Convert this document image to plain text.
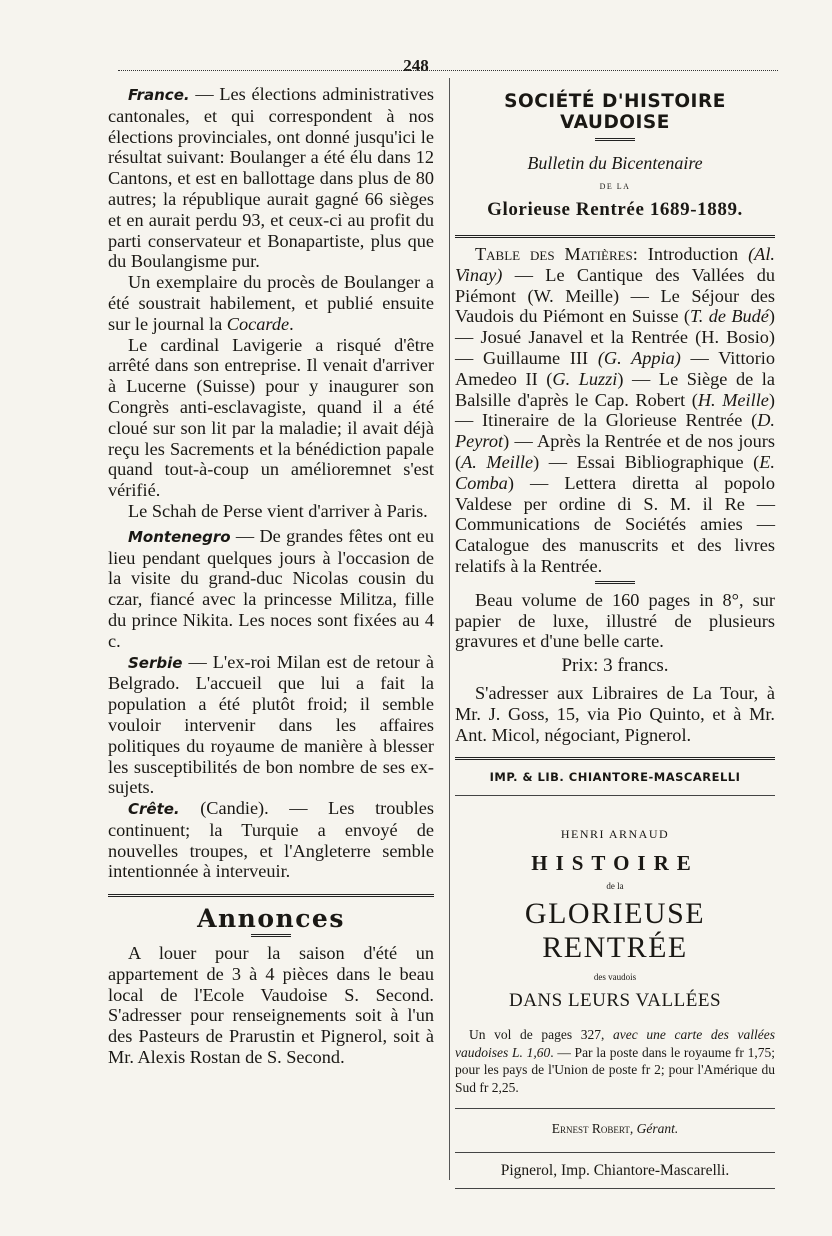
248

France. — Les élections administratives cantonales, et qui correspondent à nos élections provinciales, ont donné jusqu'ici le résultat suivant: Boulanger a été élu dans 12 Cantons, et est en ballottage dans plus de 80 autres; la république aurait gagné 66 sièges et en aurait perdu 93, et ceux-ci au profit du parti conservateur et Bonapartiste, plus que du Boulangisme pur.

Un exemplaire du procès de Boulanger a été soustrait habilement, et publié ensuite sur le journal la Cocarde.

Le cardinal Lavigerie a risqué d'être arrêté dans son entreprise. Il venait d'arriver à Lucerne (Suisse) pour y inaugurer son Congrès anti-esclavagiste, quand il a été cloué sur son lit par la maladie; il avait déjà reçu les Sacrements et la bénédiction papale quand tout-à-coup un amélioremnet s'est vérifié.

Le Schah de Perse vient d'arriver à Paris.

Montenegro — De grandes fêtes ont eu lieu pendant quelques jours à l'occasion de la visite du grand-duc Nicolas cousin du czar, fiancé avec la princesse Militza, fille du prince Nikita. Les noces sont fixées au 4 c.

Serbie — L'ex-roi Milan est de retour à Belgrado. L'accueil que lui a fait la population a été plutôt froid; il semble vouloir intervenir dans les affaires politiques du royaume de manière à blesser les susceptibilités de bon nombre de ses ex-sujets.

Crête. (Candie). — Les troubles continuent; la Turquie a envoyé de nouvelles troupes, et l'Angleterre semble intentionnée à interveuir.

Annonces

A louer pour la saison d'été un appartement de 3 à 4 pièces dans le beau local de l'Ecole Vaudoise S. Second. S'adresser pour renseignements soit à l'un des Pasteurs de Prarustin et Pignerol, soit à Mr. Alexis Rostan de S. Second.

SOCIÉTÉ D'HISTOIRE VAUDOISE
Bulletin du Bicentenaire
DE LA
Glorieuse Rentrée 1689-1889.

Table des Matières: Introduction (Al. Vinay) — Le Cantique des Vallées du Piémont (W. Meille) — Le Séjour des Vaudois du Piémont en Suisse (T. de Budé) — Josué Janavel et la Rentrée (H. Bosio) — Guillaume III (G. Appia) — Vittorio Amedeo II (G. Luzzi) — Le Siège de la Balsille d'après le Cap. Robert (H. Meille) — Itineraire de la Glorieuse Rentrée (D. Peyrot) — Après la Rentrée et de nos jours (A. Meille) — Essai Bibliographique (E. Comba) — Lettera diretta al popolo Valdese per ordine di S. M. il Re — Communications de Sociétés amies — Catalogue des manuscrits et des livres relatifs à la Rentrée.

Beau volume de 160 pages in 8°, sur papier de luxe, illustré de plusieurs gravures et d'une belle carte.

Prix: 3 francs.

S'adresser aux Libraires de La Tour, à Mr. J. Goss, 15, via Pio Quinto, et à Mr. Ant. Micol, négociant, Pignerol.

IMP. & LIB. CHIANTORE-MASCARELLI
HENRI ARNAUD
HISTOIRE
de la
GLORIEUSE RENTRÉE
des vaudois
DANS LEURS VALLÉES

Un vol de pages 327, avec une carte des vallées vaudoises L. 1,60. — Par la poste dans le royaume fr 1,75; pour les pays de l'Union de poste fr 2; pour l'Amérique du Sud fr 2,25.

Ernest Robert, Gérant.
Pignerol, Imp. Chiantore-Mascarelli.
